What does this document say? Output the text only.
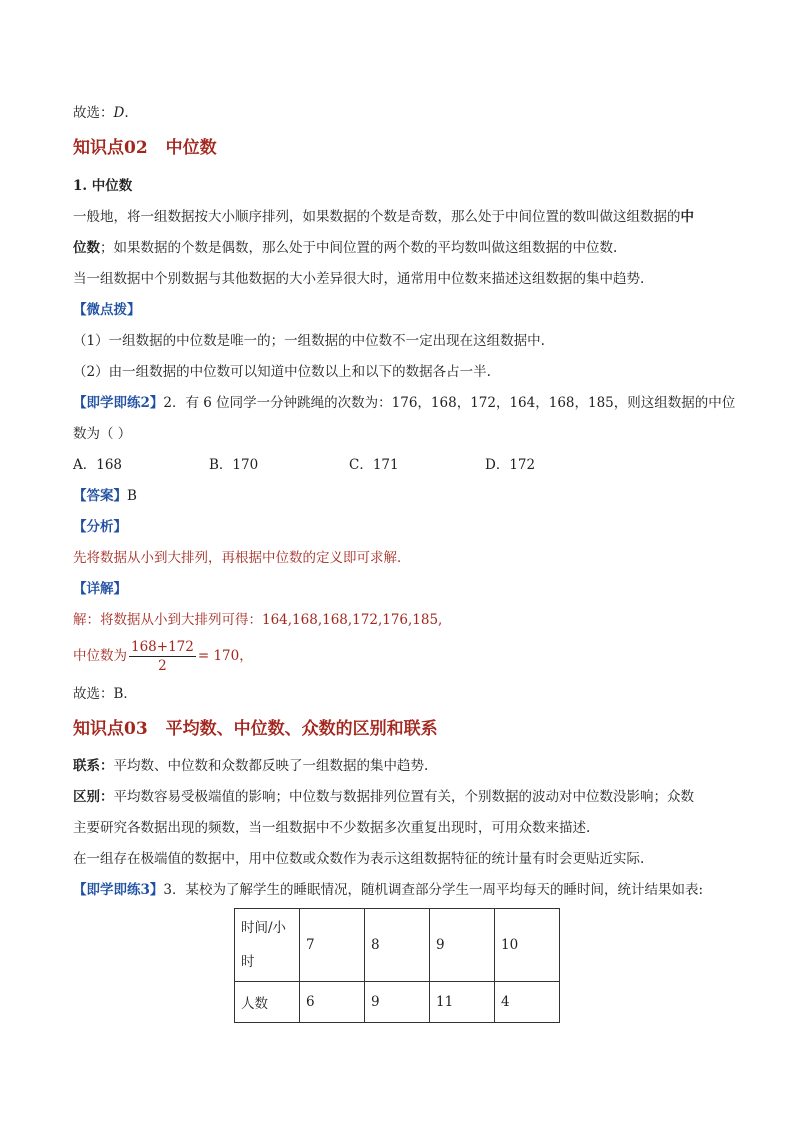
故选：D.
知识点02 中位数
1. 中位数
一般地，将一组数据按大小顺序排列，如果数据的个数是奇数，那么处于中间位置的数叫做这组数据的中
位数；如果数据的个数是偶数，那么处于中间位置的两个数的平均数叫做这组数据的中位数.
当一组数据中个别数据与其他数据的大小差异很大时，通常用中位数来描述这组数据的集中趋势.
【微点拨】
（1）一组数据的中位数是唯一的；一组数据的中位数不一定出现在这组数据中.
（2）由一组数据的中位数可以知道中位数以上和以下的数据各占一半.
【即学即练2】2．有 6 位同学一分钟跳绳的次数为：176，168，172，164，168，185，则这组数据的中位
数为（ ）
A．168	B．170	C．171	D．172
【答案】B
【分析】
先将数据从小到大排列，再根据中位数的定义即可求解．
【详解】
解：将数据从小到大排列可得：164,168,168,172,176,185,
中位数为 $\frac{168+172}{2} = 170$，
故选：B．
知识点03 平均数、中位数、众数的区别和联系
联系：平均数、中位数和众数都反映了一组数据的集中趋势.
区别：平均数容易受极端值的影响；中位数与数据排列位置有关，个别数据的波动对中位数没影响；众数
主要研究各数据出现的频数，当一组数据中不少数据多次重复出现时，可用众数来描述.
在一组存在极端值的数据中，用中位数或众数作为表示这组数据特征的统计量有时会更贴近实际.
【即学即练3】3．某校为了解学生的睡眠情况，随机调查部分学生一周平均每天的睡时间，统计结果如表:
时间/小时	7	8	9	10
人数	6	9	11	4
